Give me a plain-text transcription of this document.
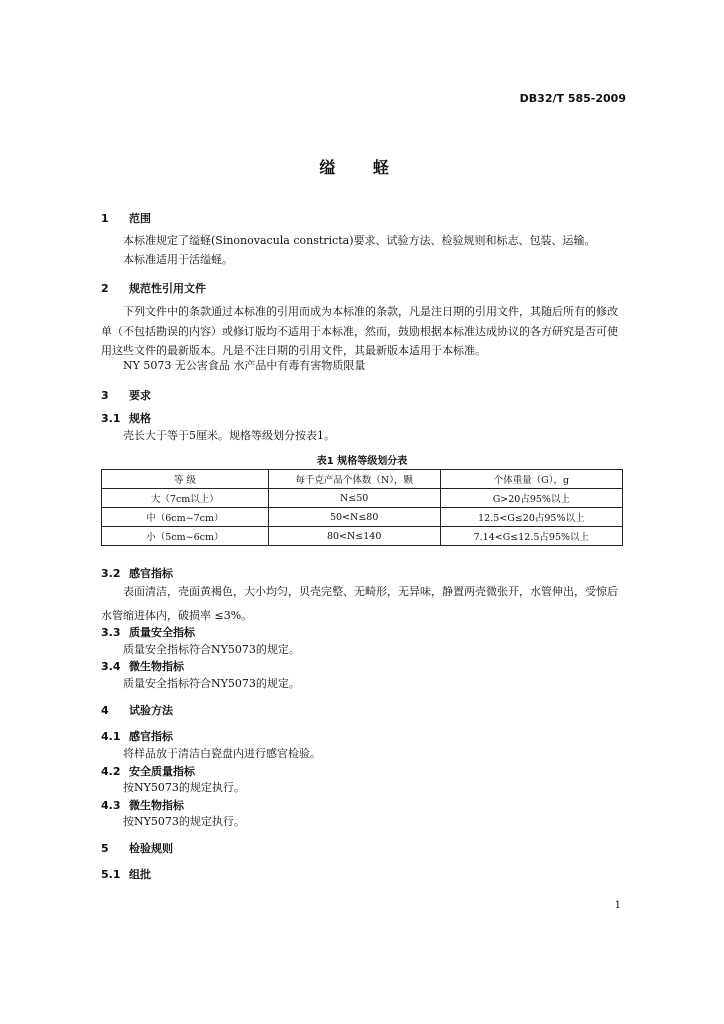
DB32/T 585-2009
缢 蛏
1 范围
本标准规定了缢蛏(Sinonovacula constricta)要求、试验方法、检验规则和标志、包装、运输。
本标准适用于活缢蛏。
2 规范性引用文件
下列文件中的条款通过本标准的引用而成为本标准的条款，凡是注日期的引用文件，其随后所有的修改单（不包括勘误的内容）或修订版均不适用于本标准，然而，鼓励根据本标准达成协议的各方研究是否可使用这些文件的最新版本。凡是不注日期的引用文件，其最新版本适用于本标准。
NY 5073 无公害食品 水产品中有毒有害物质限量
3 要求
3.1 规格
壳长大于等于5厘米。规格等级划分按表1。
表1 规格等级划分表
等 级	每千克产品个体数（N），颗	个体重量（G），g
大（7cm以上）	N≤50	G>20占95%以上
中（6cm~7cm）	50<N≤80	12.5<G≤20占95%以上
小（5cm~6cm）	80<N≤140	7.14<G≤12.5占95%以上
3.2 感官指标
表面清洁，壳面黄褐色，大小均匀，贝壳完整、无畸形，无异味，静置两壳微张开，水管伸出，受惊后水管缩进体内，破损率 ≤3%。
3.3 质量安全指标
质量安全指标符合NY5073的规定。
3.4 微生物指标
质量安全指标符合NY5073的规定。
4 试验方法
4.1 感官指标
将样品放于清洁白瓷盘内进行感官检验。
4.2 安全质量指标
按NY5073的规定执行。
4.3 微生物指标
按NY5073的规定执行。
5 检验规则
5.1 组批
1
